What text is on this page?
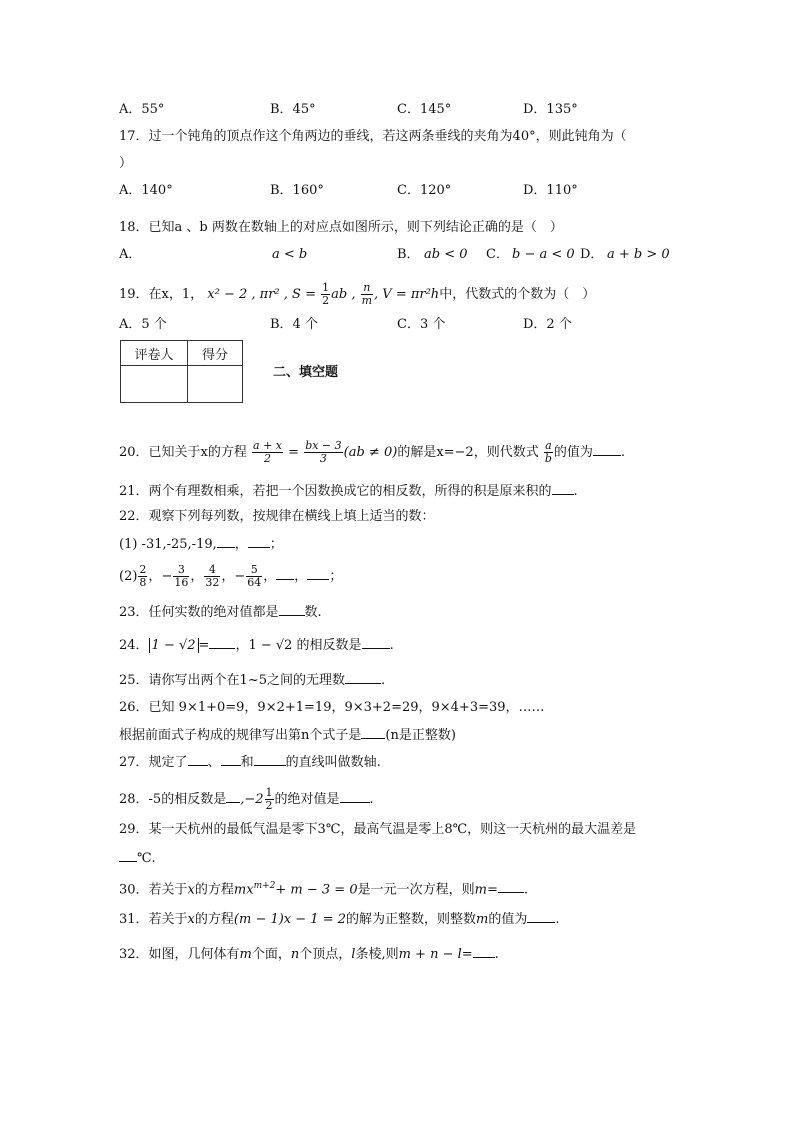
A．55°	B．45°	C．145°	D．135°
17．过一个钝角的顶点作这个角两边的垂线，若这两条垂线的夹角为40°，则此钝角为（
）
A．140°	B．160°	C．120°	D．110°
18．已知a 、b 两数在数轴上的对应点如图所示，则下列结论正确的是（　）
A．	a < b	B． ab < 0 C． b − a < 0 D． a + b > 0
19．在x，1， x² − 2 , πr² , $S = \frac{1}{2}$ ab , $\frac{n}{m}$ , V = πr²h中，代数式的个数为（　）
A．5 个	B．4 个	C．3 个	D．2 个
评卷人	得分

二、填空题
20．已知关于x的方程 $\frac{a + x}{2} = \frac{bx - 3}{3} (ab \ne 0)$的解是x=−2，则代数式 $\frac{a}{b}$ 的值为 .
21．两个有理数相乘，若把一个因数换成它的相反数，所得的积是原来积的 .
22．观察下列每列数，按规律在横线上填上适当的数：
(1) -31,-25,-19, ， ；
$(2) \frac{2}{8}$ ，− $\frac{3}{16}$ ， $\frac{4}{32}$ ，− $\frac{5}{64}$ ， ， ；
23．任何实数的绝对值都是 数.
24． 1 − √2 = ，1 − √2 的相反数是 .
25．请你写出两个在1~5之间的无理数	.
26．已知 9×1+0=9，9×2+1=19，9×3+2=29，9×4+3=39，……
根据前面式子构成的规律写出第n个式子是 (n是正整数)
27．规定了 、 和 的直线叫做数轴.
28．-5的相反数是 $,-2 \frac{1}{2}$ 的绝对值是 .
29．某一天杭州的最低气温是零下3℃，最高气温是零上8℃，则这一天杭州的最大温差是
℃.
30．若关于x的方程$mx^{m+2}+ m - 3 = 0$是一元一次方程，则m= .
31．若关于x的方程(m − 1)x − 1 = 2的解为正整数，则整数m的值为 .
32．如图，几何体有m个面，n个顶点，l条棱,则m + n − l= .
